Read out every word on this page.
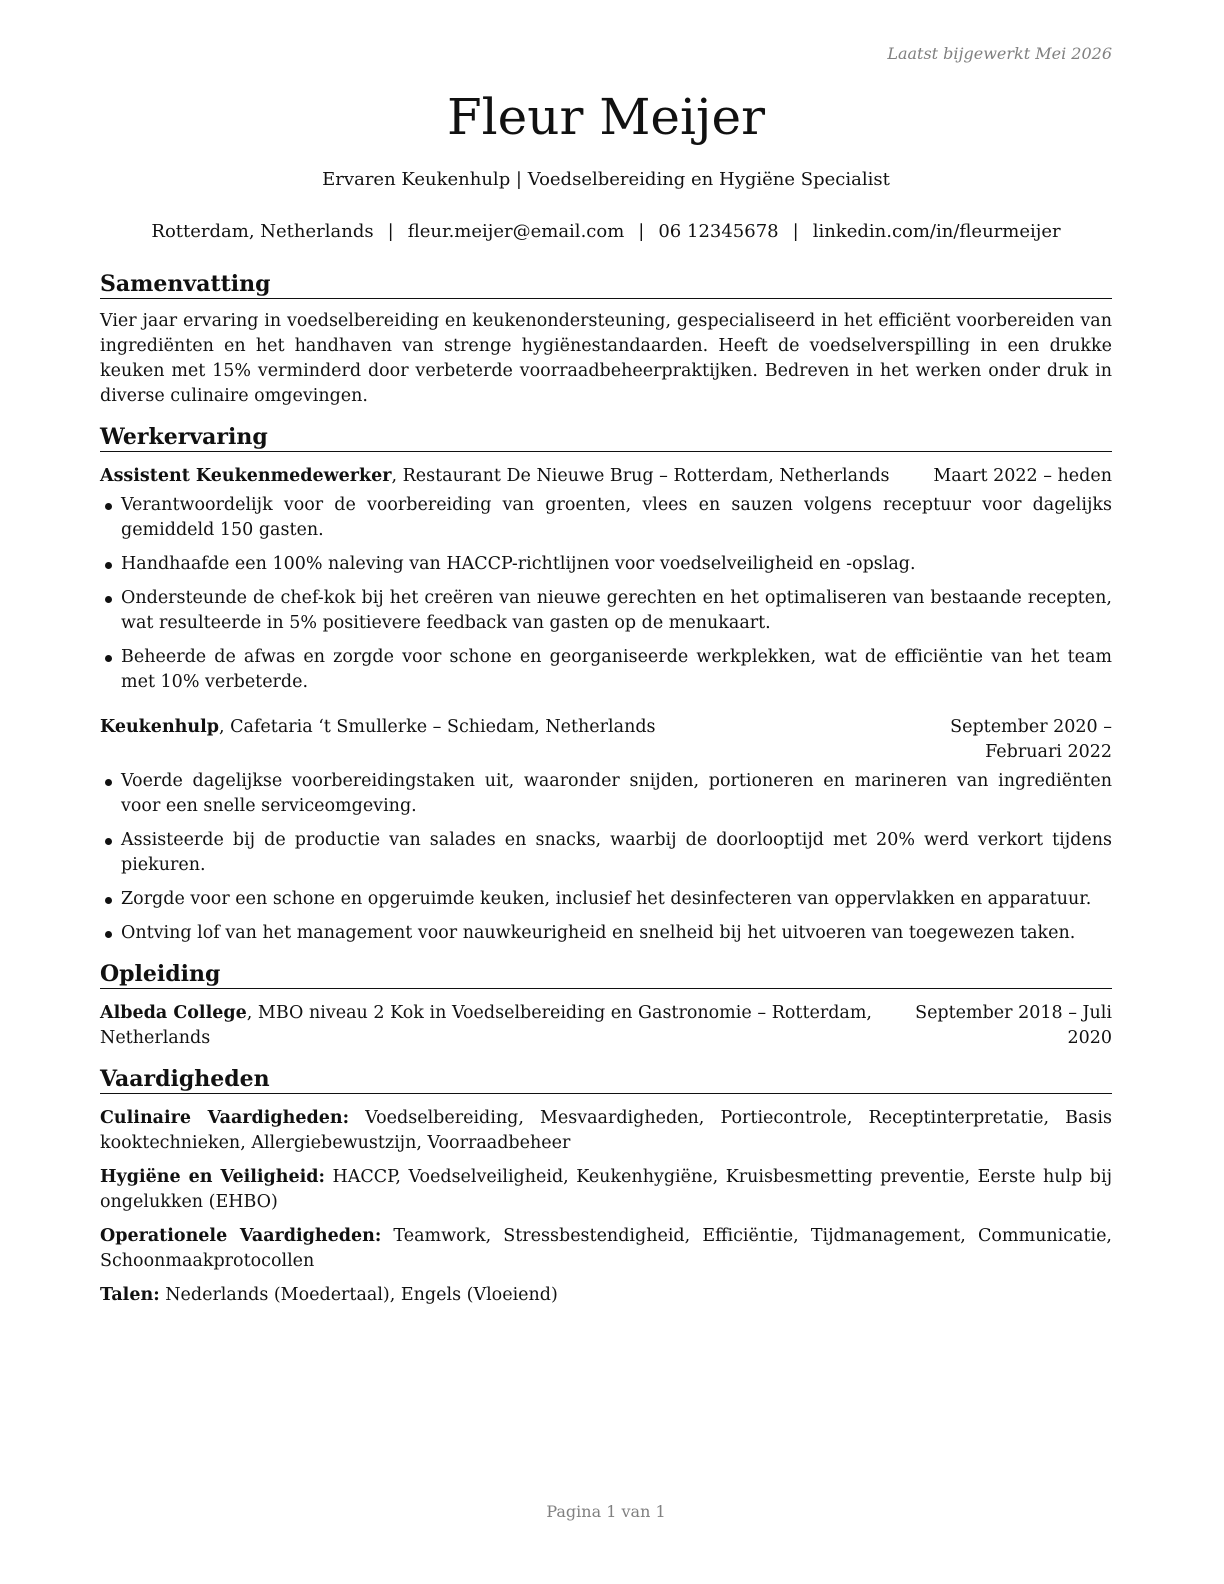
Laatst bijgewerkt Mei 2026
Fleur Meijer
Ervaren Keukenhulp | Voedselbereiding en Hygiëne Specialist
Rotterdam, Netherlands | fleur.meijer@email.com | 06 12345678 | linkedin.com/in/fleurmeijer
Samenvatting

Vier jaar ervaring in voedselbereiding en keukenondersteuning, gespecialiseerd in het efficiënt voorbereiden van ingrediënten en het handhaven van strenge hygiënestandaarden. Heeft de voedselverspilling in een drukke keuken met 15% verminderd door verbeterde voorraadbeheerpraktijken. Bedreven in het werken onder druk in diverse culinaire omgevingen.

Werkervaring
Assistent Keukenmedewerker, Restaurant De Nieuwe Brug – Rotterdam, Netherlands	Maart 2022 – heden
Verantwoordelijk voor de voorbereiding van groenten, vlees en sauzen volgens receptuur voor dagelijks gemiddeld 150 gasten.
Handhaafde een 100% naleving van HACCP-richtlijnen voor voedselveiligheid en -opslag.
Ondersteunde de chef-kok bij het creëren van nieuwe gerechten en het optimaliseren van bestaande recepten, wat resulteerde in 5% positievere feedback van gasten op de menukaart.
Beheerde de afwas en zorgde voor schone en georganiseerde werkplekken, wat de efficiëntie van het team met 10% verbeterde.
Keukenhulp, Cafetaria ‘t Smullerke – Schiedam, Netherlands	September 2020 – Februari 2022
Voerde dagelijkse voorbereidingstaken uit, waaronder snijden, portioneren en marineren van ingrediënten voor een snelle serviceomgeving.
Assisteerde bij de productie van salades en snacks, waarbij de doorlooptijd met 20% werd verkort tijdens piekuren.
Zorgde voor een schone en opgeruimde keuken, inclusief het desinfecteren van oppervlakken en apparatuur.
Ontving lof van het management voor nauwkeurigheid en snelheid bij het uitvoeren van toegewezen taken.
Opleiding
Albeda College, MBO niveau 2 Kok in Voedselbereiding en Gastronomie – Rotterdam, Netherlands
September 2018 – Juli 2020
Vaardigheden
Culinaire Vaardigheden: Voedselbereiding, Mesvaardigheden, Portiecontrole, Receptinterpretatie, Basis kooktechnieken, Allergiebewustzijn, Voorraadbeheer
Hygiëne en Veiligheid: HACCP, Voedselveiligheid, Keukenhygiëne, Kruisbesmetting preventie, Eerste hulp bij ongelukken (EHBO)
Operationele Vaardigheden: Teamwork, Stressbestendigheid, Efficiëntie, Tijdmanagement, Communicatie, Schoonmaakprotocollen
Talen: Nederlands (Moedertaal), Engels (Vloeiend)
Pagina 1 van 1
